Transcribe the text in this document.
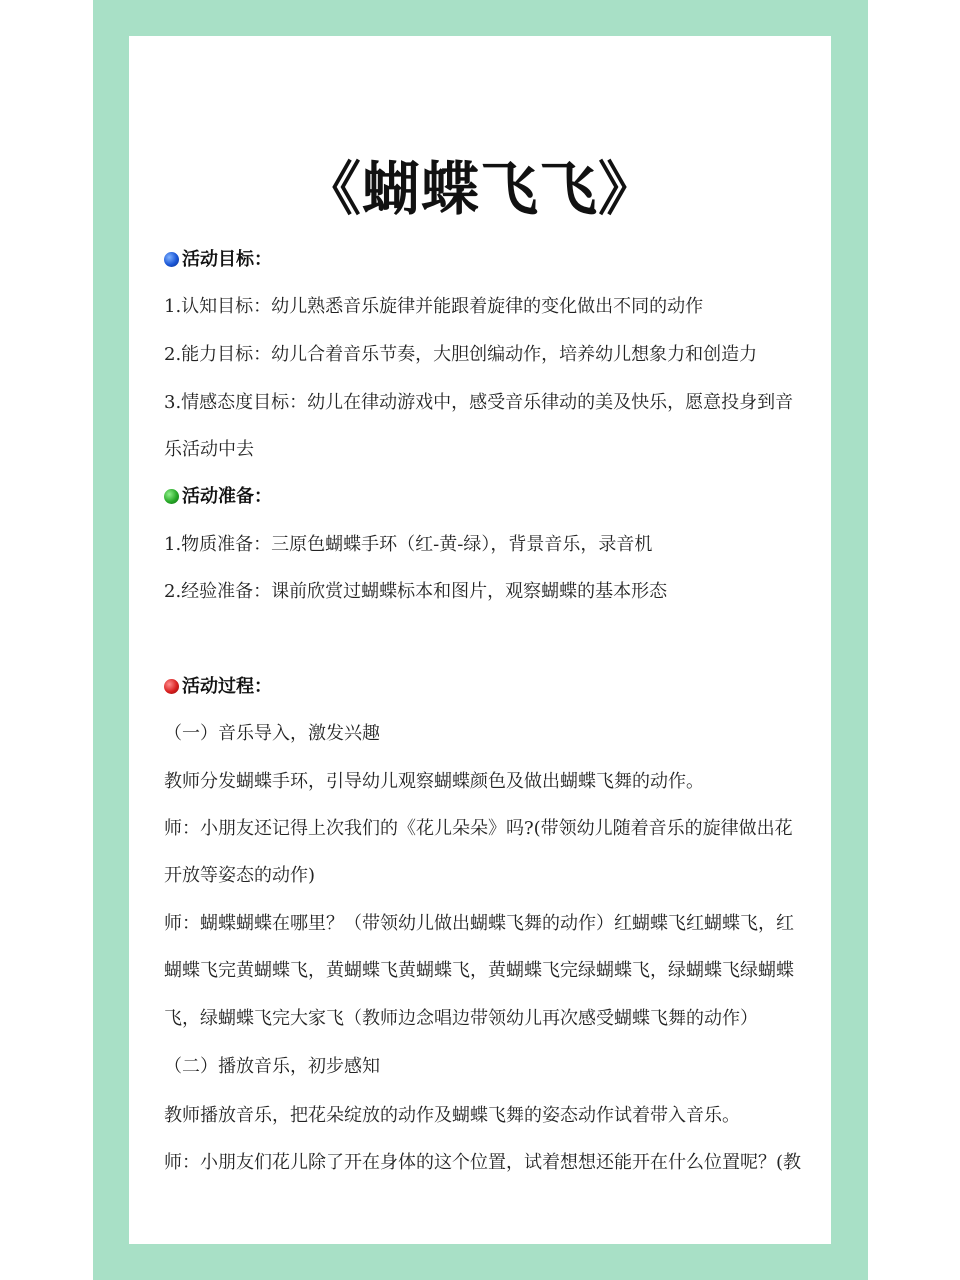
《蝴蝶飞飞》
活动目标：
1.认知目标：幼儿熟悉音乐旋律并能跟着旋律的变化做出不同的动作
2.能力目标：幼儿合着音乐节奏，大胆创编动作，培养幼儿想象力和创造力
3.情感态度目标：幼儿在律动游戏中，感受音乐律动的美及快乐，愿意投身到音
乐活动中去
活动准备：
1.物质准备：三原色蝴蝶手环（红-黄-绿），背景音乐，录音机
2.经验准备：课前欣赏过蝴蝶标本和图片，观察蝴蝶的基本形态
活动过程：
（一）音乐导入，激发兴趣
教师分发蝴蝶手环，引导幼儿观察蝴蝶颜色及做出蝴蝶飞舞的动作。
师：小朋友还记得上次我们的《花儿朵朵》吗?(带领幼儿随着音乐的旋律做出花
开放等姿态的动作)
师：蝴蝶蝴蝶在哪里？（带领幼儿做出蝴蝶飞舞的动作）红蝴蝶飞红蝴蝶飞，红
蝴蝶飞完黄蝴蝶飞，黄蝴蝶飞黄蝴蝶飞，黄蝴蝶飞完绿蝴蝶飞，绿蝴蝶飞绿蝴蝶
飞，绿蝴蝶飞完大家飞（教师边念唱边带领幼儿再次感受蝴蝶飞舞的动作）
（二）播放音乐，初步感知
教师播放音乐，把花朵绽放的动作及蝴蝶飞舞的姿态动作试着带入音乐。
师：小朋友们花儿除了开在身体的这个位置，试着想想还能开在什么位置呢？(教
